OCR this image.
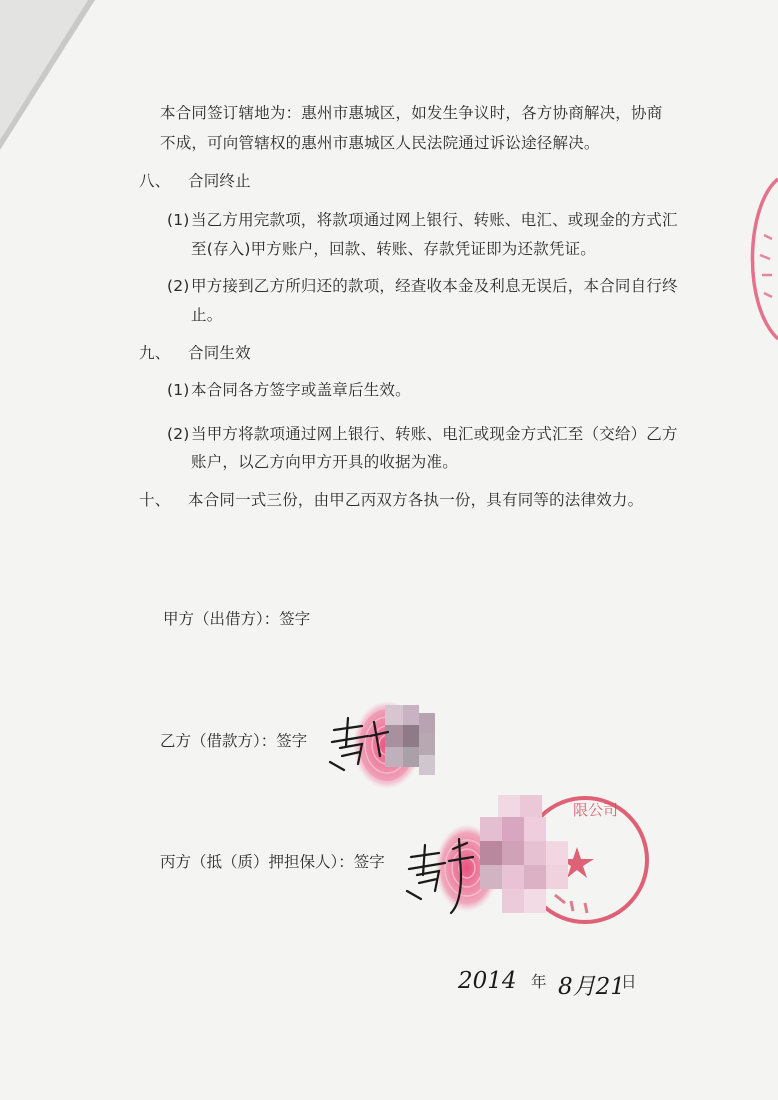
本合同签订辖地为：惠州市惠城区，如发生争议时，各方协商解决，协商
不成，可向管辖权的惠州市惠城区人民法院通过诉讼途径解决。
八、 合同终止
(1) 当乙方用完款项，将款项通过网上银行、转账、电汇、或现金的方式汇
至(存入)甲方账户，回款、转账、存款凭证即为还款凭证。
(2) 甲方接到乙方所归还的款项，经查收本金及利息无误后，本合同自行终
止。
九、 合同生效
(1) 本合同各方签字或盖章后生效。
(2) 当甲方将款项通过网上银行、转账、电汇或现金方式汇至（交给）乙方
账户，以乙方向甲方开具的收据为准。
十、 本合同一式三份，由甲乙丙双方各执一份，具有同等的法律效力。
甲方（出借方）：签字
乙方（借款方）：签字
丙方（抵（质）押担保人）：签字
限公司
2014 年 8月21
日
